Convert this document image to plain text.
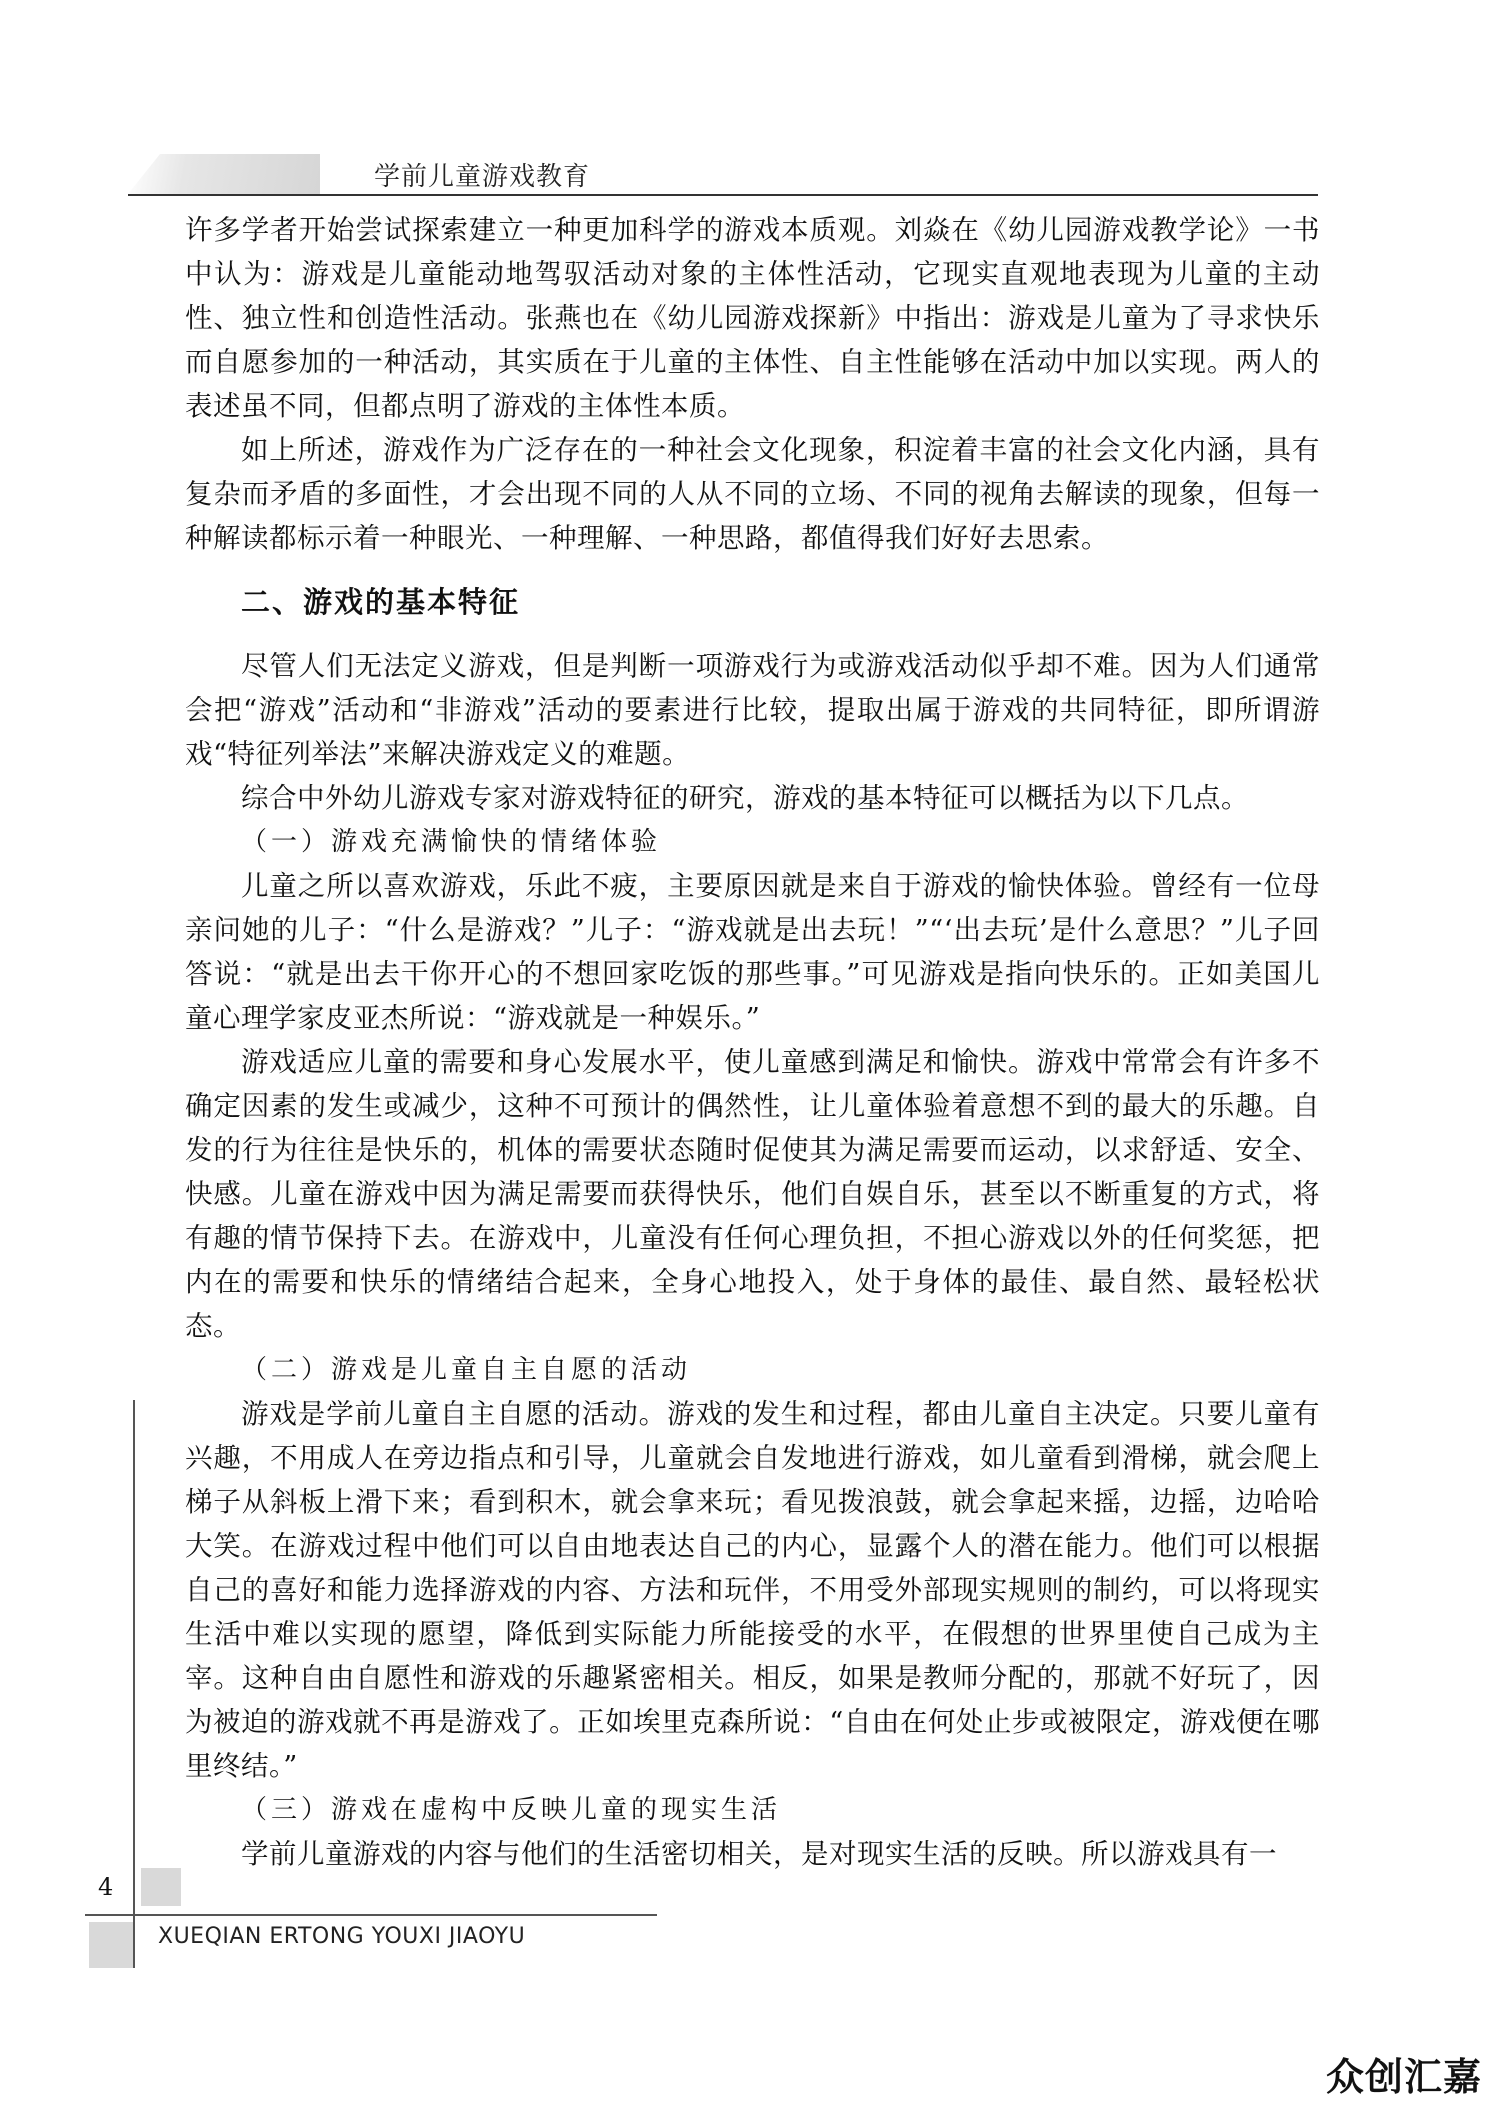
学前儿童游戏教育

许多学者开始尝试探索建立一种更加科学的游戏本质观。刘焱在《幼儿园游戏教学论》一书中认为：游戏是儿童能动地驾驭活动对象的主体性活动，它现实直观地表现为儿童的主动性、独立性和创造性活动。张燕也在《幼儿园游戏探新》中指出：游戏是儿童为了寻求快乐而自愿参加的一种活动，其实质在于儿童的主体性、自主性能够在活动中加以实现。两人的表述虽不同，但都点明了游戏的主体性本质。

如上所述，游戏作为广泛存在的一种社会文化现象，积淀着丰富的社会文化内涵，具有复杂而矛盾的多面性，才会出现不同的人从不同的立场、不同的视角去解读的现象，但每一种解读都标示着一种眼光、一种理解、一种思路，都值得我们好好去思索。

二、游戏的基本特征

尽管人们无法定义游戏，但是判断一项游戏行为或游戏活动似乎却不难。因为人们通常会把“游戏”活动和“非游戏”活动的要素进行比较，提取出属于游戏的共同特征，即所谓游戏“特征列举法”来解决游戏定义的难题。

综合中外幼儿游戏专家对游戏特征的研究，游戏的基本特征可以概括为以下几点。

（一）游戏充满愉快的情绪体验

儿童之所以喜欢游戏，乐此不疲，主要原因就是来自于游戏的愉快体验。曾经有一位母亲问她的儿子：“什么是游戏？”儿子：“游戏就是出去玩！”“‘出去玩’是什么意思？”儿子回答说：“就是出去干你开心的不想回家吃饭的那些事。”可见游戏是指向快乐的。正如美国儿童心理学家皮亚杰所说：“游戏就是一种娱乐。”

游戏适应儿童的需要和身心发展水平，使儿童感到满足和愉快。游戏中常常会有许多不确定因素的发生或减少，这种不可预计的偶然性，让儿童体验着意想不到的最大的乐趣。自发的行为往往是快乐的，机体的需要状态随时促使其为满足需要而运动，以求舒适、安全、快感。儿童在游戏中因为满足需要而获得快乐，他们自娱自乐，甚至以不断重复的方式，将有趣的情节保持下去。在游戏中，儿童没有任何心理负担，不担心游戏以外的任何奖惩，把内在的需要和快乐的情绪结合起来，全身心地投入，处于身体的最佳、最自然、最轻松状态。

（二）游戏是儿童自主自愿的活动

游戏是学前儿童自主自愿的活动。游戏的发生和过程，都由儿童自主决定。只要儿童有兴趣，不用成人在旁边指点和引导，儿童就会自发地进行游戏，如儿童看到滑梯，就会爬上梯子从斜板上滑下来；看到积木，就会拿来玩；看见拨浪鼓，就会拿起来摇，边摇，边哈哈大笑。在游戏过程中他们可以自由地表达自己的内心，显露个人的潜在能力。他们可以根据自己的喜好和能力选择游戏的内容、方法和玩伴，不用受外部现实规则的制约，可以将现实生活中难以实现的愿望，降低到实际能力所能接受的水平，在假想的世界里使自己成为主宰。这种自由自愿性和游戏的乐趣紧密相关。相反，如果是教师分配的，那就不好玩了，因为被迫的游戏就不再是游戏了。正如埃里克森所说：“自由在何处止步或被限定，游戏便在哪里终结。”

（三）游戏在虚构中反映儿童的现实生活

学前儿童游戏的内容与他们的生活密切相关，是对现实生活的反映。所以游戏具有一

4
XUEQIAN ERTONG YOUXI JIAOYU
众创汇嘉
